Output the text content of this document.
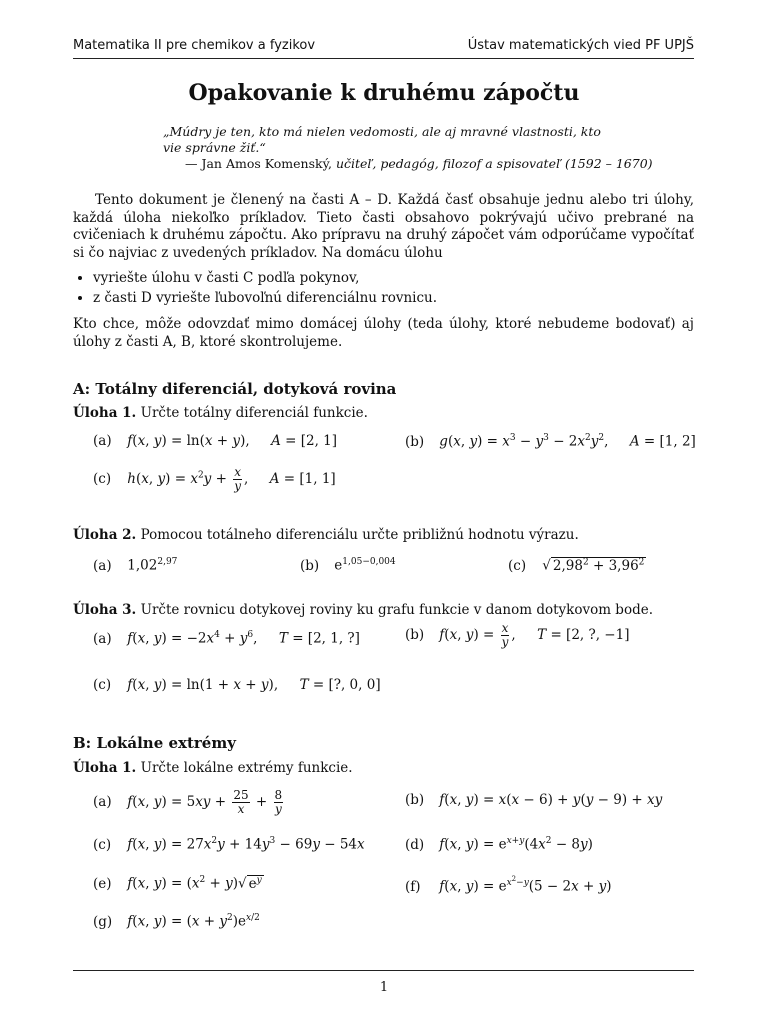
Matematika II pre chemikov a fyzikov	Ústav matematických vied PF UPJŠ
Opakovanie k druhému zápočtu
„Múdry je ten, kto má nielen vedomosti, ale aj mravné vlastnosti, kto vie správne žiť.“
— Jan Amos Komenský, učiteľ, pedagóg, filozof a spisovateľ (1592 – 1670)
Tento dokument je členený na časti A – D. Každá časť obsahuje jednu alebo tri úlohy, každá úloha niekoľko príkladov. Tieto časti obsahovo pokrývajú učivo prebrané na cvičeniach k druhému zápočtu. Ako prípravu na druhý zápočet vám odporúčame vypočítať si čo najviac z uvedených príkladov. Na domácu úlohu
• vyriešte úlohu v časti C podľa pokynov,
• z časti D vyriešte ľubovoľnú diferenciálnu rovnicu.
Kto chce, môže odovzdať mimo domácej úlohy (teda úlohy, ktoré nebudeme bodovať) aj úlohy z časti A, B, ktoré skontrolujeme.
A: Totálny diferenciál, dotyková rovina
Úloha 1. Určte totálny diferenciál funkcie.
(a) f(x, y) = ln(x + y),     A = [2, 1]	(b) g(x, $y) = x^3 - y^3 - 2x^2y^2$,     A = [1, 2]
(c) h(x, $y) = x^2y + \frac{x}{y}$ ,     A = [1, 1]
Úloha 2. Pomocou totálneho diferenciálu určte približnú hodnotu výrazu.
(a) 1,02$^{2,97}$	(b) $e^{1,05-0,004}$	(c) √ $2,98^2 + 3,96^2$
Úloha 3. Určte rovnicu dotykovej roviny ku grafu funkcie v danom dotykovom bode.
(a) f(x, $y) = -2x^4 + y^6$,     T = [2, 1, ?]	(b) f(x, $y) = \frac{x}{y}$ ,     T = [2, ?, −1]
(c) f(x, y) = ln(1 + x + y),     T = [?, 0, 0]
B: Lokálne extrémy
Úloha 1. Určte lokálne extrémy funkcie.
(a) f(x, $y) = 5xy + \frac{25}{x} + \frac{8}{y}$	(b) f(x, y) = x(x − 6) + y(y − 9) + xy
(c) f(x, $y) = 27x^2y + 14y^3 - 69y - 54x$	(d) f(x, $y) = e^{x+y}(4x^2 - 8y)$
(e) f(x, $y) = (x^2 + y)√$ $e^y$	(f) f(x, $y) = e^{x^2-y}(5 - 2x + y)$
(g) f(x, $y) = (x + y^2)e^{x/2}$
1
